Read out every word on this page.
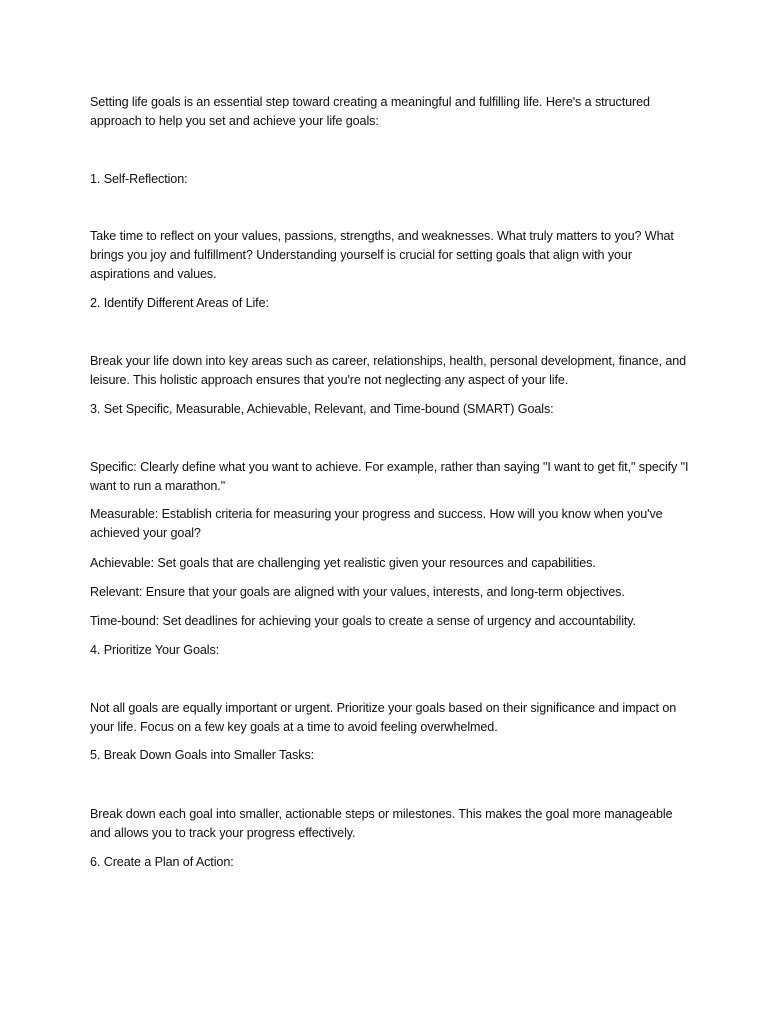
Setting life goals is an essential step toward creating a meaningful and fulfilling life. Here's a structured approach to help you set and achieve your life goals:

1. Self-Reflection:

Take time to reflect on your values, passions, strengths, and weaknesses. What truly matters to you? What brings you joy and fulfillment? Understanding yourself is crucial for setting goals that align with your aspirations and values.

2. Identify Different Areas of Life:

Break your life down into key areas such as career, relationships, health, personal development, finance, and leisure. This holistic approach ensures that you're not neglecting any aspect of your life.

3. Set Specific, Measurable, Achievable, Relevant, and Time-bound (SMART) Goals:

Specific: Clearly define what you want to achieve. For example, rather than saying "I want to get fit," specify "I want to run a marathon."

Measurable: Establish criteria for measuring your progress and success. How will you know when you've achieved your goal?

Achievable: Set goals that are challenging yet realistic given your resources and capabilities.

Relevant: Ensure that your goals are aligned with your values, interests, and long-term objectives.

Time-bound: Set deadlines for achieving your goals to create a sense of urgency and accountability.

4. Prioritize Your Goals:

Not all goals are equally important or urgent. Prioritize your goals based on their significance and impact on your life. Focus on a few key goals at a time to avoid feeling overwhelmed.

5. Break Down Goals into Smaller Tasks:

Break down each goal into smaller, actionable steps or milestones. This makes the goal more manageable and allows you to track your progress effectively.

6. Create a Plan of Action:
